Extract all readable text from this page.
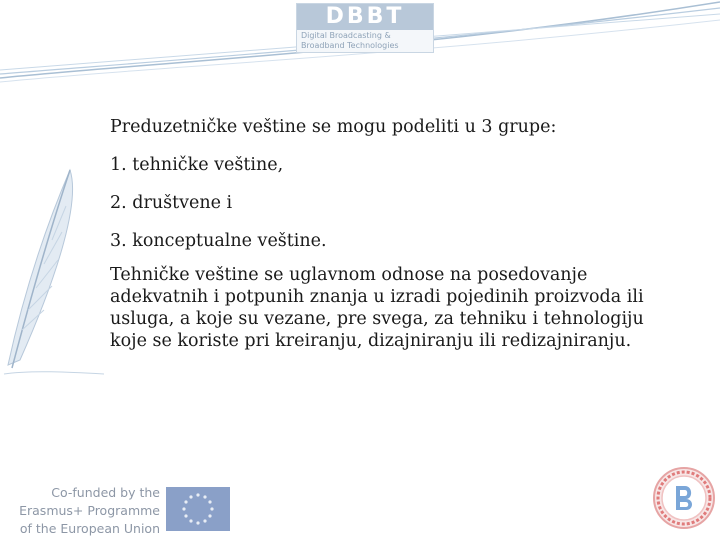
DBBT
Digital Broadcasting &
Broadband Technologies

Preduzetničke veštine se mogu podeliti u 3 grupe:

1. tehničke veštine,

2. društvene i

3. konceptualne veštine.

Tehničke veštine se uglavnom odnose na posedovanje adekvatnih i potpunih znanja u izradi pojedinih proizvoda ili usluga, a koje su vezane, pre svega, za tehniku i tehnologiju koje se koriste pri kreiranju, dizajniranju ili redizajniranju.

Co-funded by the
Erasmus+ Programme
of the European Union
